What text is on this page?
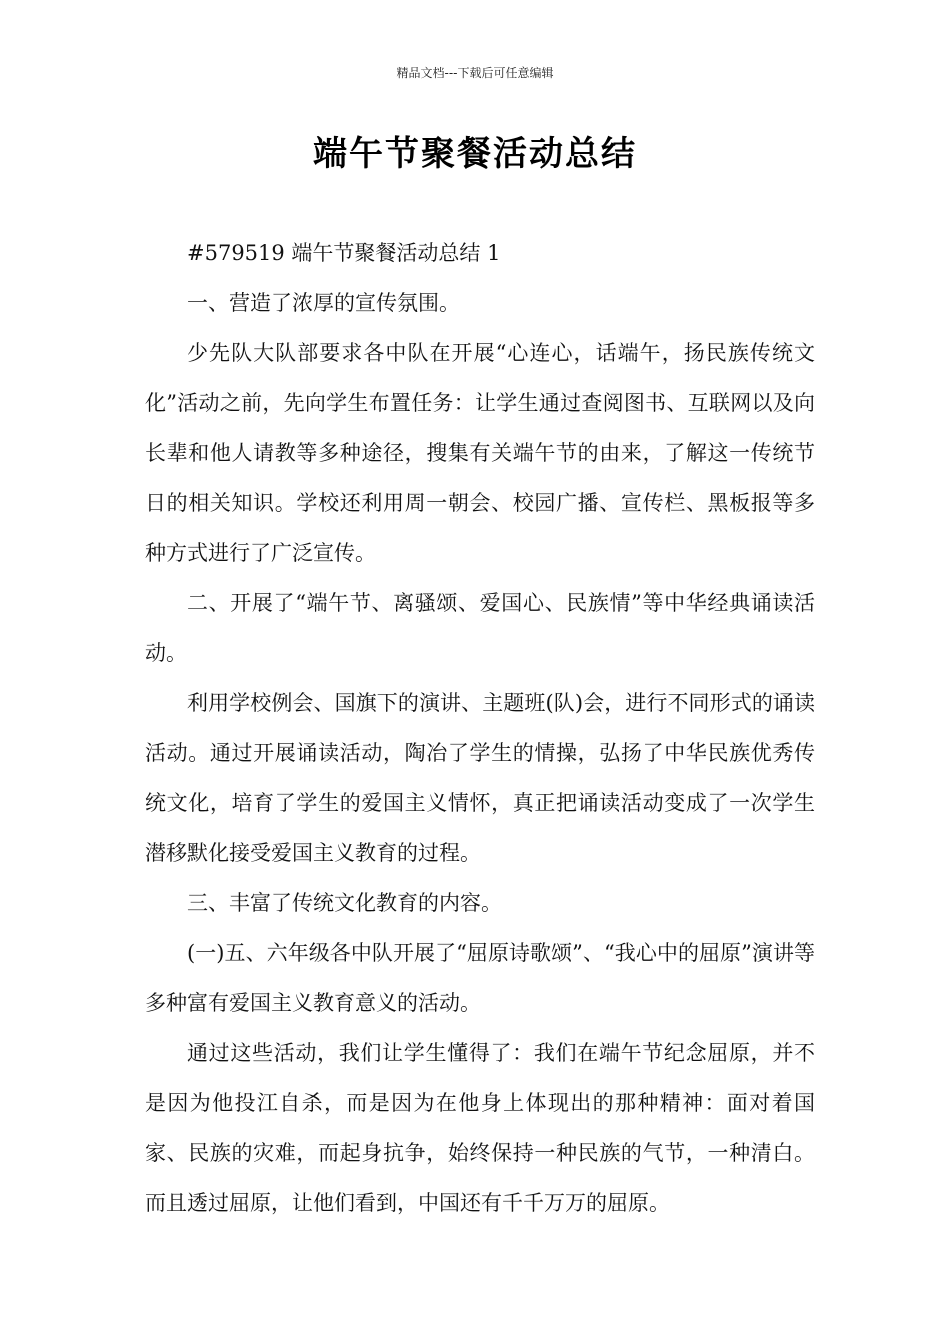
精品文档---下载后可任意编辑
端午节聚餐活动总结

#579519 端午节聚餐活动总结 1

一、营造了浓厚的宣传氛围。

少先队大队部要求各中队在开展“心连心，话端午，扬民族传统文化”活动之前，先向学生布置任务：让学生通过查阅图书、互联网以及向长辈和他人请教等多种途径，搜集有关端午节的由来，了解这一传统节日的相关知识。学校还利用周一朝会、校园广播、宣传栏、黑板报等多种方式进行了广泛宣传。

二、开展了“端午节、离骚颂、爱国心、民族情”等中华经典诵读活动。

利用学校例会、国旗下的演讲、主题班(队)会，进行不同形式的诵读活动。通过开展诵读活动，陶冶了学生的情操，弘扬了中华民族优秀传统文化，培育了学生的爱国主义情怀，真正把诵读活动变成了一次学生潜移默化接受爱国主义教育的过程。

三、丰富了传统文化教育的内容。

(一)五、六年级各中队开展了“屈原诗歌颂”、“我心中的屈原”演讲等多种富有爱国主义教育意义的活动。

通过这些活动，我们让学生懂得了：我们在端午节纪念屈原，并不是因为他投江自杀，而是因为在他身上体现出的那种精神：面对着国家、民族的灾难，而起身抗争，始终保持一种民族的气节，一种清白。而且透过屈原，让他们看到，中国还有千千万万的屈原。
